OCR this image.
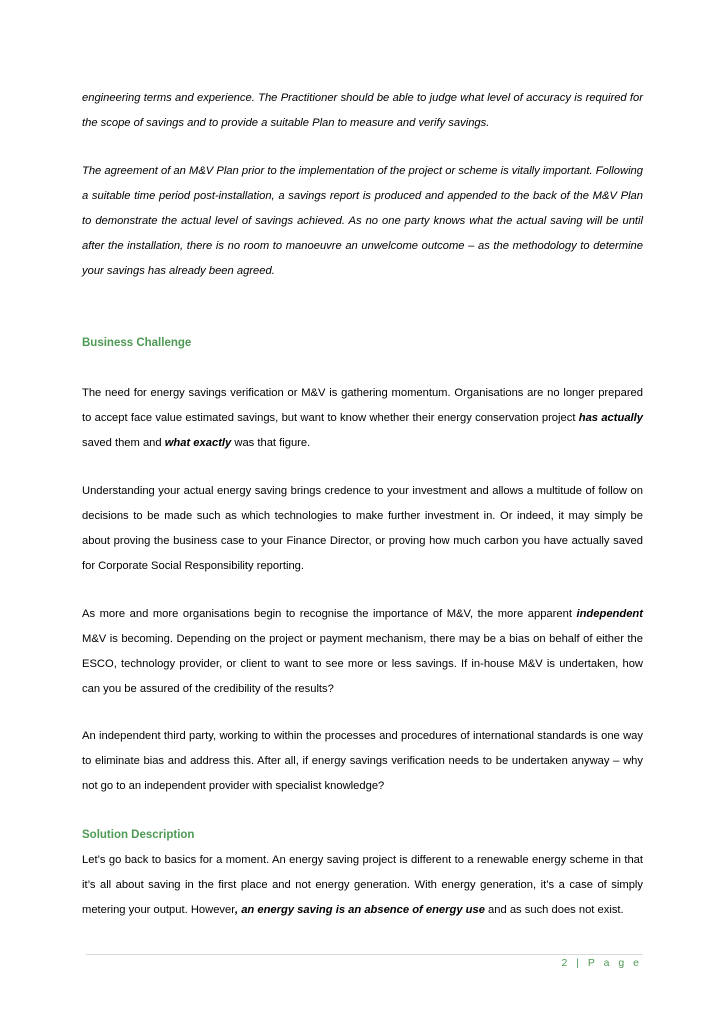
engineering terms and experience. The Practitioner should be able to judge what level of accuracy is required for the scope of savings and to provide a suitable Plan to measure and verify savings.

The agreement of an M&V Plan prior to the implementation of the project or scheme is vitally important. Following a suitable time period post-installation, a savings report is produced and appended to the back of the M&V Plan to demonstrate the actual level of savings achieved. As no one party knows what the actual saving will be until after the installation, there is no room to manoeuvre an unwelcome outcome – as the methodology to determine your savings has already been agreed.

Business Challenge

The need for energy savings verification or M&V is gathering momentum. Organisations are no longer prepared to accept face value estimated savings, but want to know whether their energy conservation project has actually saved them and what exactly was that figure.

Understanding your actual energy saving brings credence to your investment and allows a multitude of follow on decisions to be made such as which technologies to make further investment in. Or indeed, it may simply be about proving the business case to your Finance Director, or proving how much carbon you have actually saved for Corporate Social Responsibility reporting.

As more and more organisations begin to recognise the importance of M&V, the more apparent independent M&V is becoming. Depending on the project or payment mechanism, there may be a bias on behalf of either the ESCO, technology provider, or client to want to see more or less savings. If in-house M&V is undertaken, how can you be assured of the credibility of the results?

An independent third party, working to within the processes and procedures of international standards is one way to eliminate bias and address this. After all, if energy savings verification needs to be undertaken anyway – why not go to an independent provider with specialist knowledge?

Solution Description

Let’s go back to basics for a moment. An energy saving project is different to a renewable energy scheme in that it’s all about saving in the first place and not energy generation. With energy generation, it’s a case of simply metering your output. However, an energy saving is an absence of energy use and as such does not exist.

2 | P a g e
